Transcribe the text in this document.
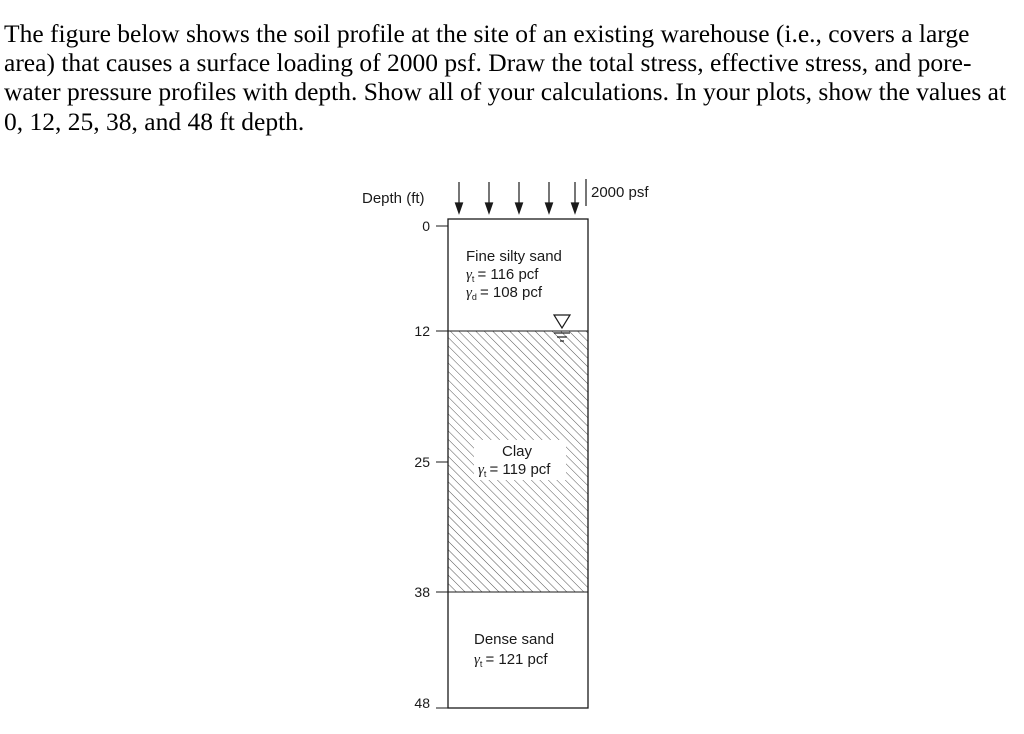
The figure below shows the soil profile at the site of an existing warehouse (i.e., covers a large
area) that causes a surface loading of 2000 psf. Draw the total stress, effective stress, and pore-
water pressure profiles with depth. Show all of your calculations. In your plots, show the values at
0, 12, 25, 38, and 48 ft depth.

Depth (ft)	2000 psf
0
12
25
38
48
Fine silty sand
$\gamma_t = 116$ pcf
$\gamma_d = 108$ pcf
Clay
$\gamma_t = 119$ pcf
Dense sand
$\gamma_t = 121$ pcf
